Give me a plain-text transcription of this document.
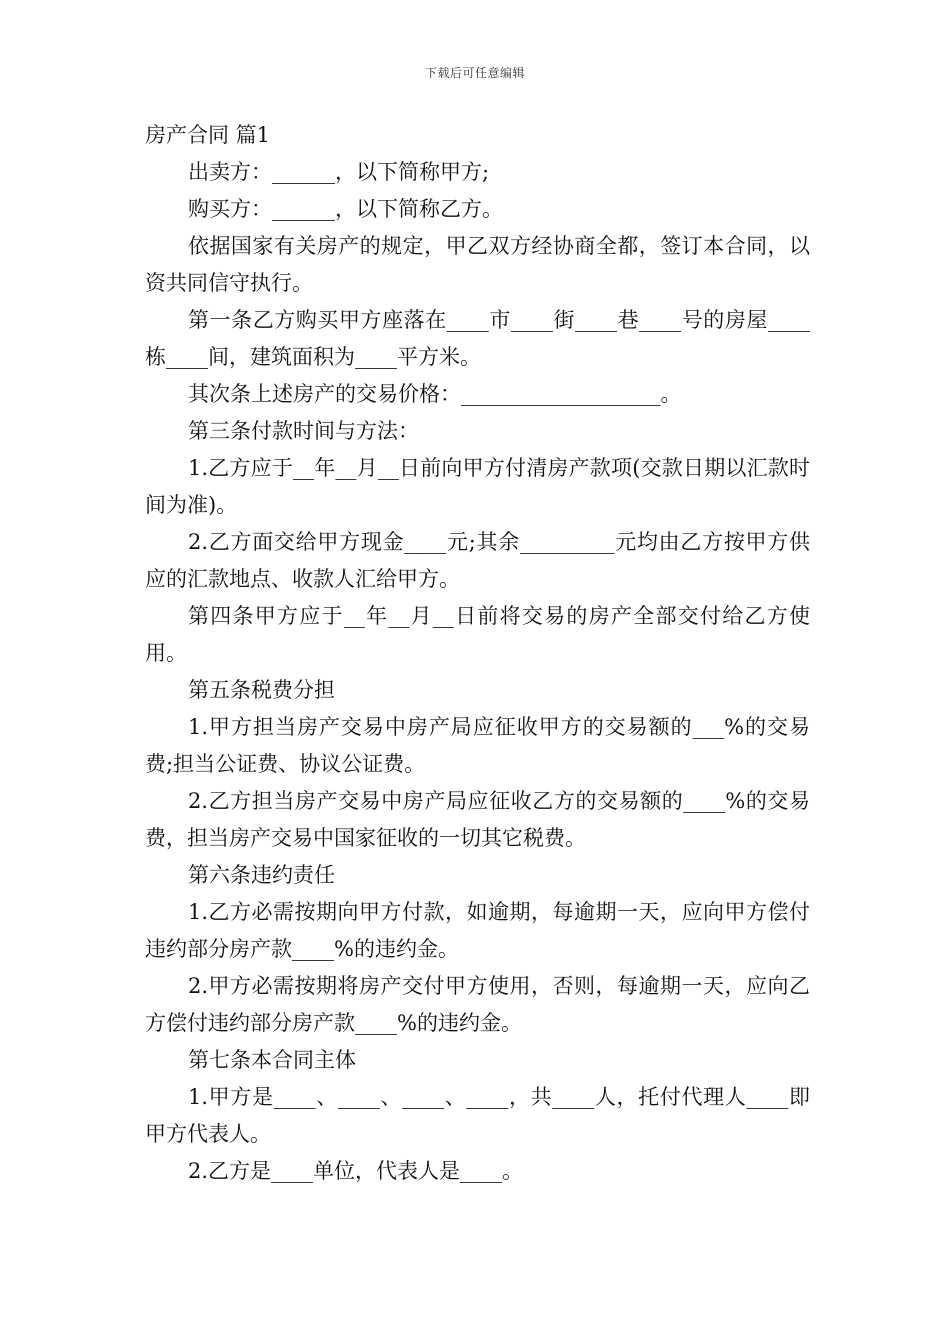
下载后可任意编辑

房产合同 篇1

出卖方：______，以下简称甲方;

购买方：______，以下简称乙方。

依据国家有关房产的规定，甲乙双方经协商全都，签订本合同，以资共同信守执行。

第一条乙方购买甲方座落在____市____街____巷____号的房屋____栋____间，建筑面积为____平方米。

其次条上述房产的交易价格：___________________。

第三条付款时间与方法：

1.乙方应于__年__月__日前向甲方付清房产款项(交款日期以汇款时间为准)。

2.乙方面交给甲方现金____元;其余_________元均由乙方按甲方供应的汇款地点、收款人汇给甲方。

第四条甲方应于__年__月__日前将交易的房产全部交付给乙方使用。

第五条税费分担

1.甲方担当房产交易中房产局应征收甲方的交易额的___%的交易费;担当公证费、协议公证费。

2.乙方担当房产交易中房产局应征收乙方的交易额的____%的交易费，担当房产交易中国家征收的一切其它税费。

第六条违约责任

1.乙方必需按期向甲方付款，如逾期，每逾期一天，应向甲方偿付违约部分房产款____%的违约金。

2.甲方必需按期将房产交付甲方使用，否则，每逾期一天，应向乙方偿付违约部分房产款____%的违约金。

第七条本合同主体

1.甲方是____、____、____、____，共____人，托付代理人____即甲方代表人。

2.乙方是____单位，代表人是____。
